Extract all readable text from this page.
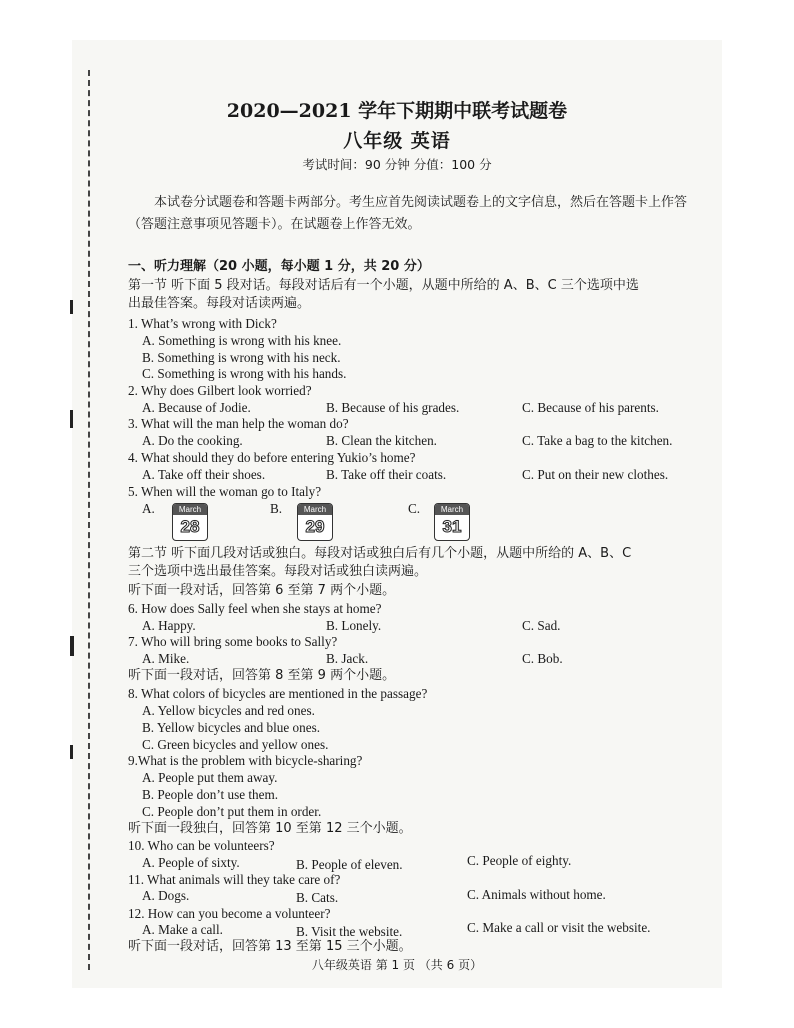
2020—2021 学年下期期中联考试题卷
八年级 英语
考试时间：90 分钟 分值：100 分
本试卷分试题卷和答题卡两部分。考生应首先阅读试题卷上的文字信息，然后在答题卡上作答（答题注意事项见答题卡）。在试题卷上作答无效。
一、听力理解（20 小题，每小题 1 分，共 20 分）
第一节 听下面 5 段对话。每段对话后有一个小题，从题中所给的 A、B、C 三个选项中选
出最佳答案。每段对话读两遍。
1. What’s wrong with Dick?
A. Something is wrong with his knee.
B. Something is wrong with his neck.
C. Something is wrong with his hands.
2. Why does Gilbert look worried?
A. Because of Jodie.	B. Because of his grades.	C. Because of his parents.
3. What will the man help the woman do?
A. Do the cooking.	B. Clean the kitchen.	C. Take a bag to the kitchen.
4. What should they do before entering Yukio’s home?
A. Take off their shoes.	B. Take off their coats.	C. Put on their new clothes.
5. When will the woman go to Italy?
A.	March
28
B.	March
29
C.	March
31
第二节 听下面几段对话或独白。每段对话或独白后有几个小题，从题中所给的 A、B、C
三个选项中选出最佳答案。每段对话或独白读两遍。
听下面一段对话，回答第 6 至第 7 两个小题。
6. How does Sally feel when she stays at home?
A. Happy.	B. Lonely.	C. Sad.
7. Who will bring some books to Sally?
A. Mike.	B. Jack.	C. Bob.
听下面一段对话，回答第 8 至第 9 两个小题。
8. What colors of bicycles are mentioned in the passage?
A. Yellow bicycles and red ones.
B. Yellow bicycles and blue ones.
C. Green bicycles and yellow ones.
9.What is the problem with bicycle-sharing?
A. People put them away.
B. People don’t use them.
C. People don’t put them in order.
听下面一段独白，回答第 10 至第 12 三个小题。
10. Who can be volunteers?
A. People of sixty.	B. People of eleven.	C. People of eighty.
11. What animals will they take care of?
A. Dogs.	B. Cats.	C. Animals without home.
12. How can you become a volunteer?
A. Make a call.	B. Visit the website.	C. Make a call or visit the website.
听下面一段对话，回答第 13 至第 15 三个小题。
八年级英语 第 1 页 （共 6 页）
